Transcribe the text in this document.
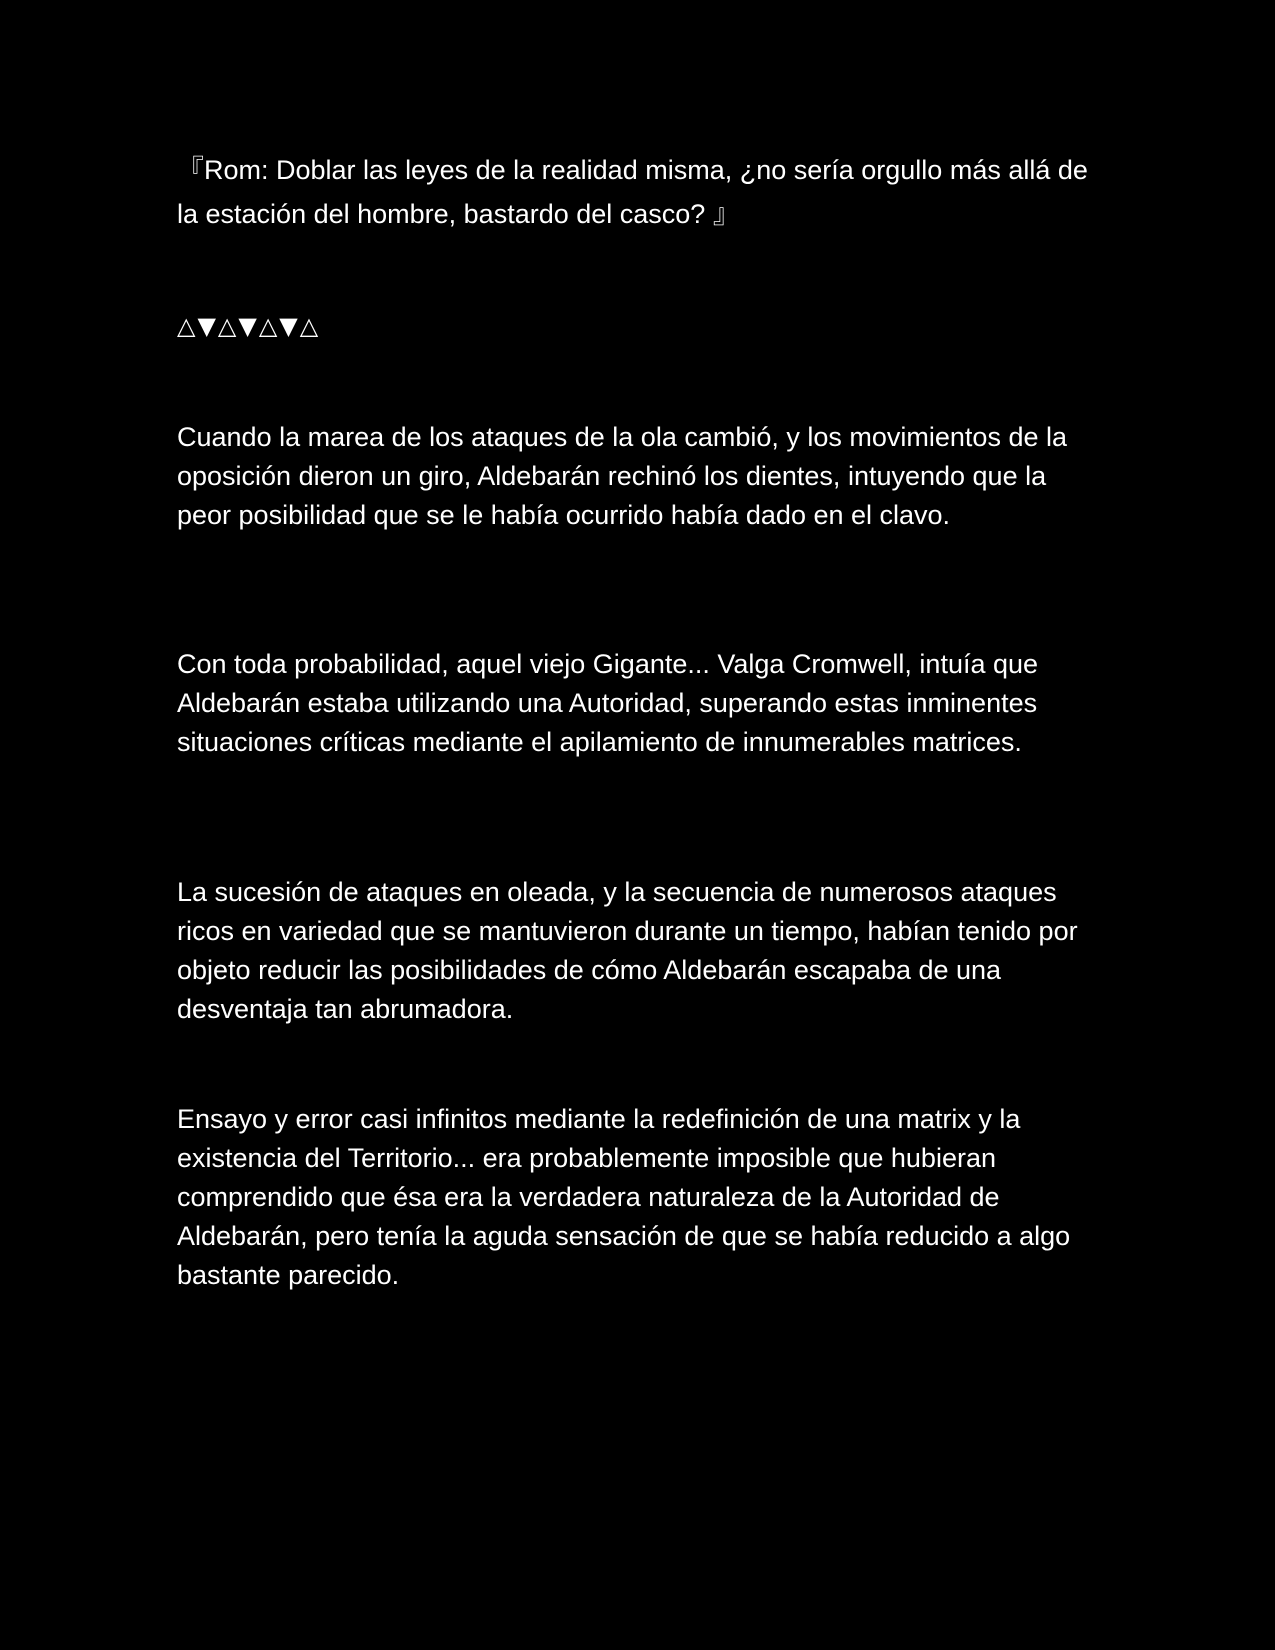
『Rom: Doblar las leyes de la realidad misma, ¿no sería orgullo más allá de la estación del hombre, bastardo del casco? 』

△▼△▼△▼△

Cuando la marea de los ataques de la ola cambió, y los movimientos de la oposición dieron un giro, Aldebarán rechinó los dientes, intuyendo que la peor posibilidad que se le había ocurrido había dado en el clavo.

Con toda probabilidad, aquel viejo Gigante... Valga Cromwell, intuía que Aldebarán estaba utilizando una Autoridad, superando estas inminentes situaciones críticas mediante el apilamiento de innumerables matrices.

La sucesión de ataques en oleada, y la secuencia de numerosos ataques ricos en variedad que se mantuvieron durante un tiempo, habían tenido por objeto reducir las posibilidades de cómo Aldebarán escapaba de una desventaja tan abrumadora.

Ensayo y error casi infinitos mediante la redefinición de una matrix y la existencia del Territorio... era probablemente imposible que hubieran comprendido que ésa era la verdadera naturaleza de la Autoridad de Aldebarán, pero tenía la aguda sensación de que se había reducido a algo bastante parecido.
